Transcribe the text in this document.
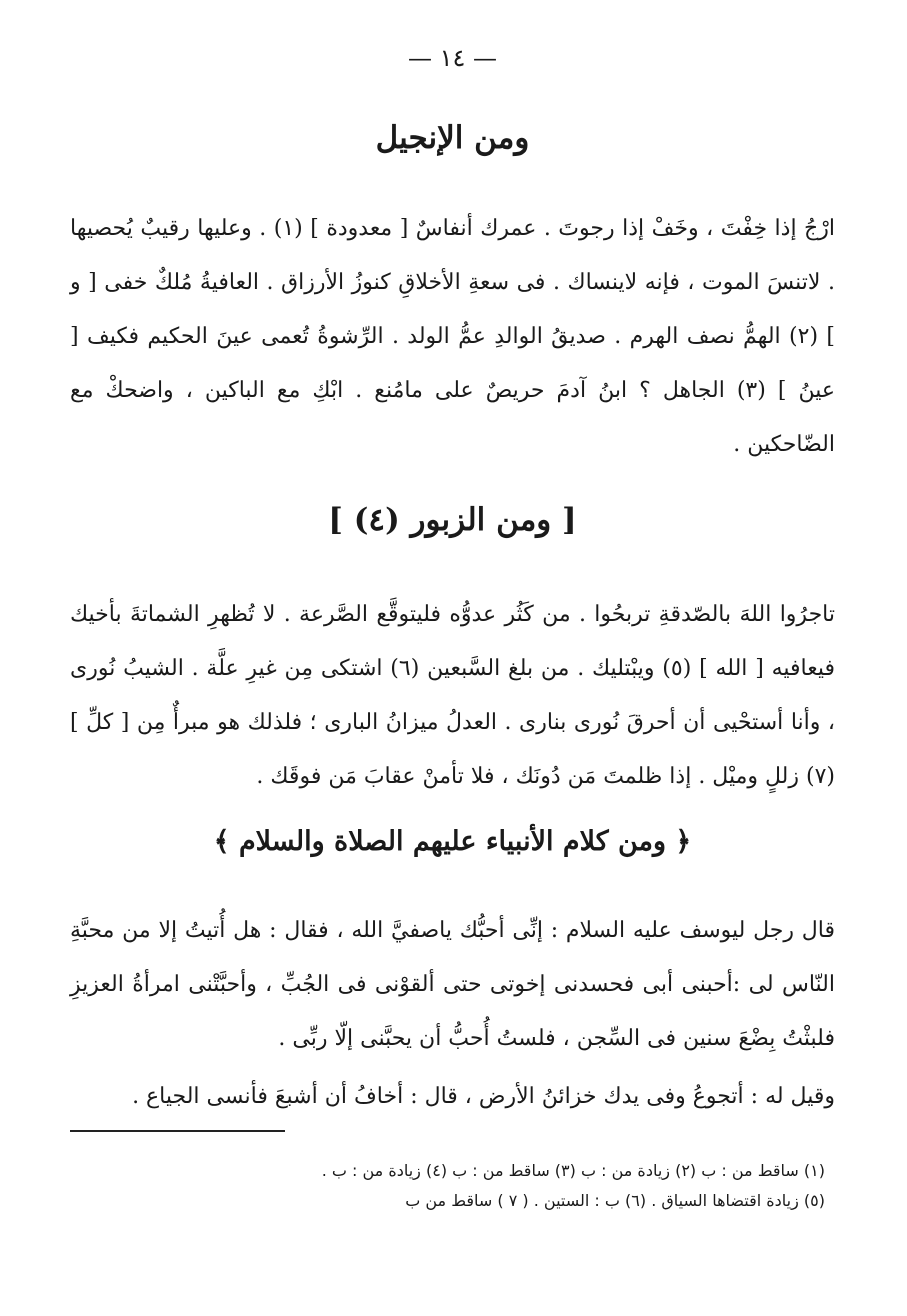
— ١٤ —
ومن الإنجيل

ارْجُ إذا خِفْتَ ، وخَفْ إذا رجوتَ . عمرك أنفاسٌ [ معدودة ] (١) . وعليها رقيبٌ يُحصيها . لاتنسَ الموت ، فإنه لاينساك . فى سعةِ الأخلاقِ كنوزُ الأرزاق . العافيةُ مُلكٌ خفى [ و ] (٢) الهمُّ نصف الهرم . صديقُ الوالدِ عمُّ الولد . الرِّشوةُ تُعمى عينَ الحكيم فكيف [ عينُ ] (٣) الجاهل ؟ ابنُ آدمَ حريصٌ على مامُنع . ابْكِ مع الباكين ، واضحكْ مع الضّاحكين .

[ ومن الزبور (٤) ]

تاجرُوا اللهَ بالصّدقةِ تربحُوا . من كَثُر عدوُّه فليتوقَّع الصَّرعة . لا تُظهرِ الشماتةَ بأخيك فيعافيه [ الله ] (٥) ويبْتليك . من بلغ السَّبعين (٦) اشتكى مِن غيرِ علَّة . الشيبُ نُورى ، وأنا أستحْيى أن أحرقَ نُورى بنارى . العدلُ ميزانُ البارى ؛ فلذلك هو مبرأٌ مِن [ كلِّ ] (٧) زللٍ وميْل . إذا ظلمتَ مَن دُونَك ، فلا تأمنْ عقابَ مَن فوقَك .

﴿ ومن كلام الأنبياء عليهم الصلاة والسلام ﴾

قال رجل ليوسف عليه السلام : إنِّى أحبُّك ياصفيَّ الله ، فقال : هل أُتيتُ إلا من محبَّةِ النّاس لى :أحبنى أبى فحسدنى إخوتى حتى ألقوْنى فى الجُبِّ ، وأحبَّتْنى امرأةُ العزيزِ فلبثْتُ بِضْعَ سنين فى السِّجن ، فلستُ أُحبُّ أن يحبَّنى إلّا ربِّى .

وقيل له : أتجوعُ وفى يدك خزائنُ الأرض ، قال : أخافُ أن أشبعَ فأنسى الجياع .

(١) ساقط من : ب (٢) زيادة من : ب (٣) ساقط من : ب (٤) زيادة من : ب .
(٥) زيادة اقتضاها السياق . (٦) ب : الستين . ( ٧ ) ساقط من ب
